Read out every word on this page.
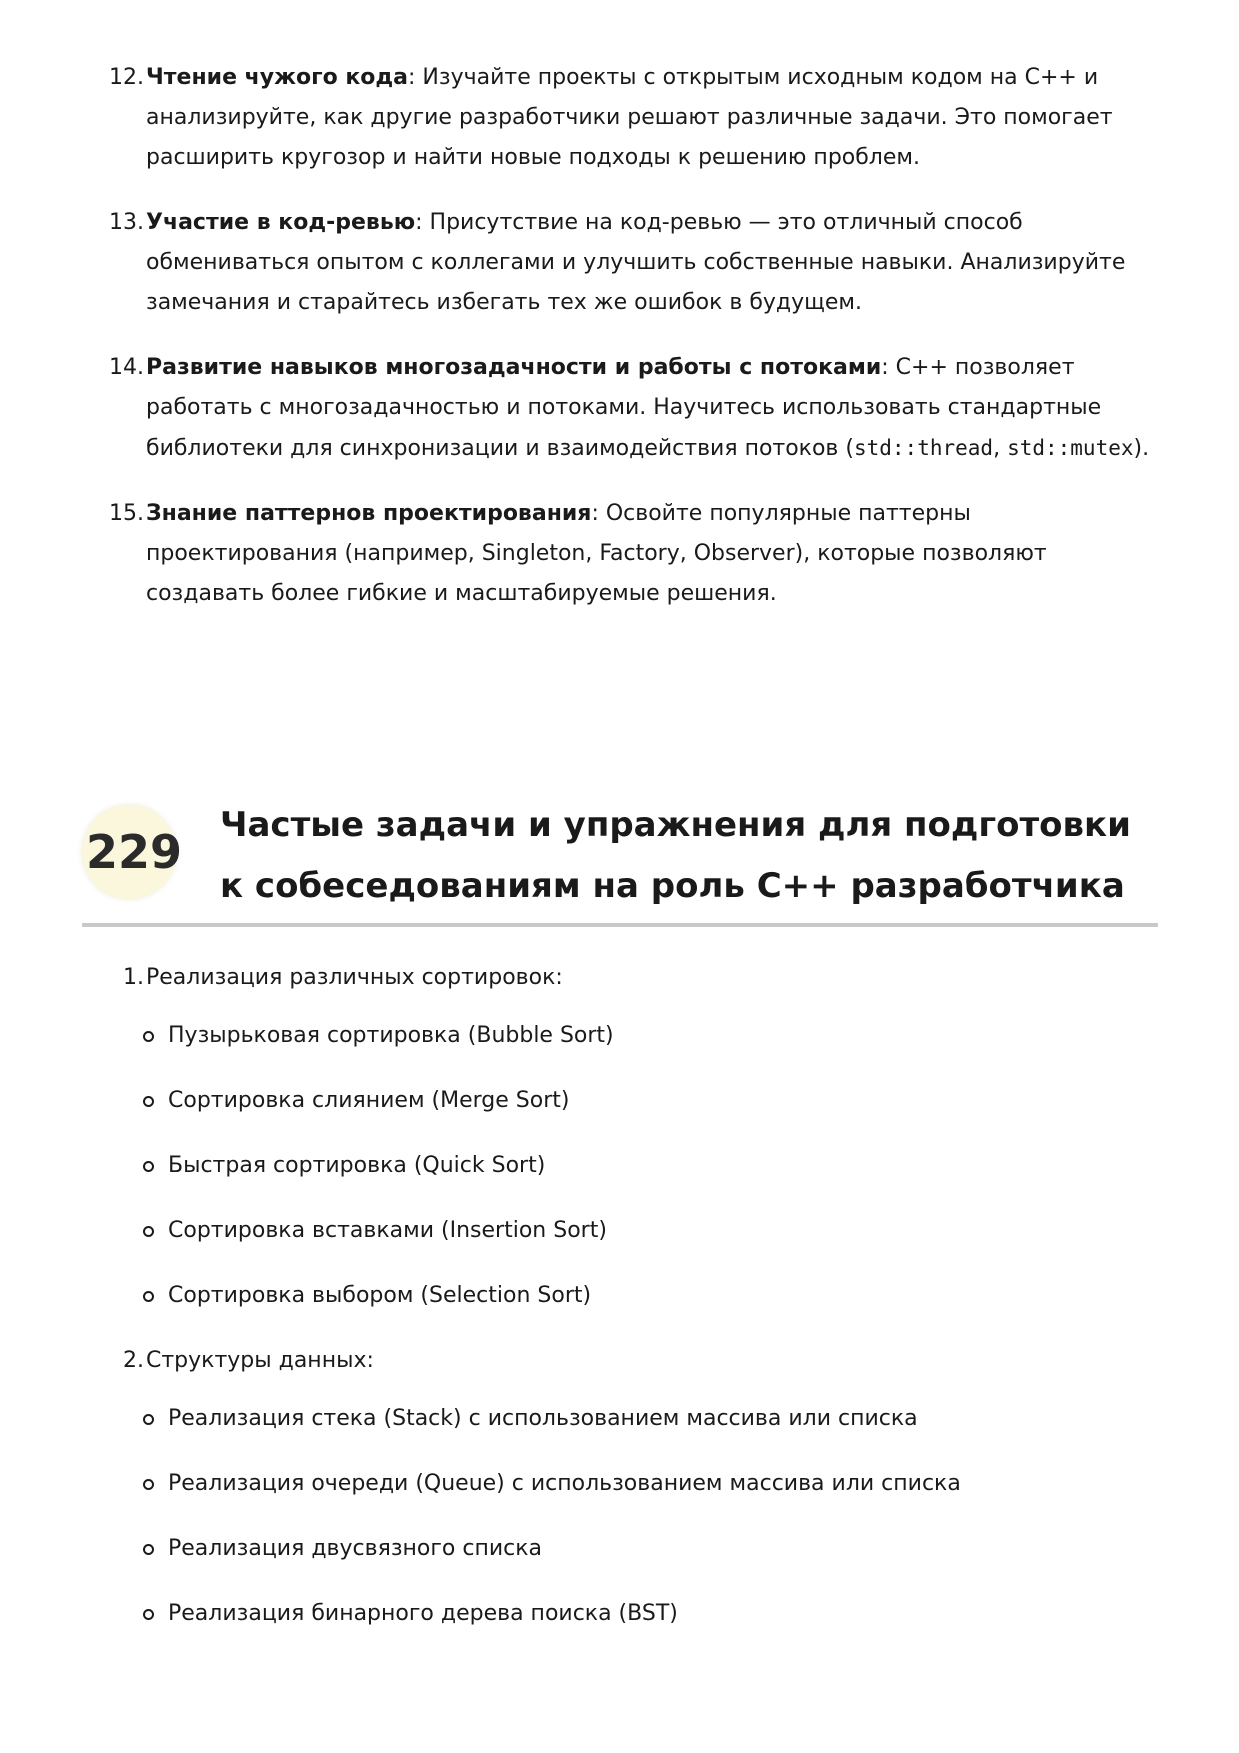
12. Чтение чужого кода: Изучайте проекты с открытым исходным кодом на C++ и анализируйте, как другие разработчики решают различные задачи. Это помогает расширить кругозор и найти новые подходы к решению проблем.
13. Участие в код-ревью: Присутствие на код-ревью — это отличный способ обмениваться опытом с коллегами и улучшить собственные навыки. Анализируйте замечания и старайтесь избегать тех же ошибок в будущем.
14. Развитие навыков многозадачности и работы с потоками: C++ позволяет работать с многозадачностью и потоками. Научитесь использовать стандартные библиотеки для синхронизации и взаимодействия потоков (std::thread, std::mutex).
15. Знание паттернов проектирования: Освойте популярные паттерны проектирования (например, Singleton, Factory, Observer), которые позволяют создавать более гибкие и масштабируемые решения.
229 Частые задачи и упражнения для подготовки к собеседованиям на роль C++ разработчика
1. Реализация различных сортировок:
Пузырьковая сортировка (Bubble Sort)
Сортировка слиянием (Merge Sort)
Быстрая сортировка (Quick Sort)
Сортировка вставками (Insertion Sort)
Сортировка выбором (Selection Sort)
2. Структуры данных:
Реализация стека (Stack) с использованием массива или списка
Реализация очереди (Queue) с использованием массива или списка
Реализация двусвязного списка
Реализация бинарного дерева поиска (BST)
